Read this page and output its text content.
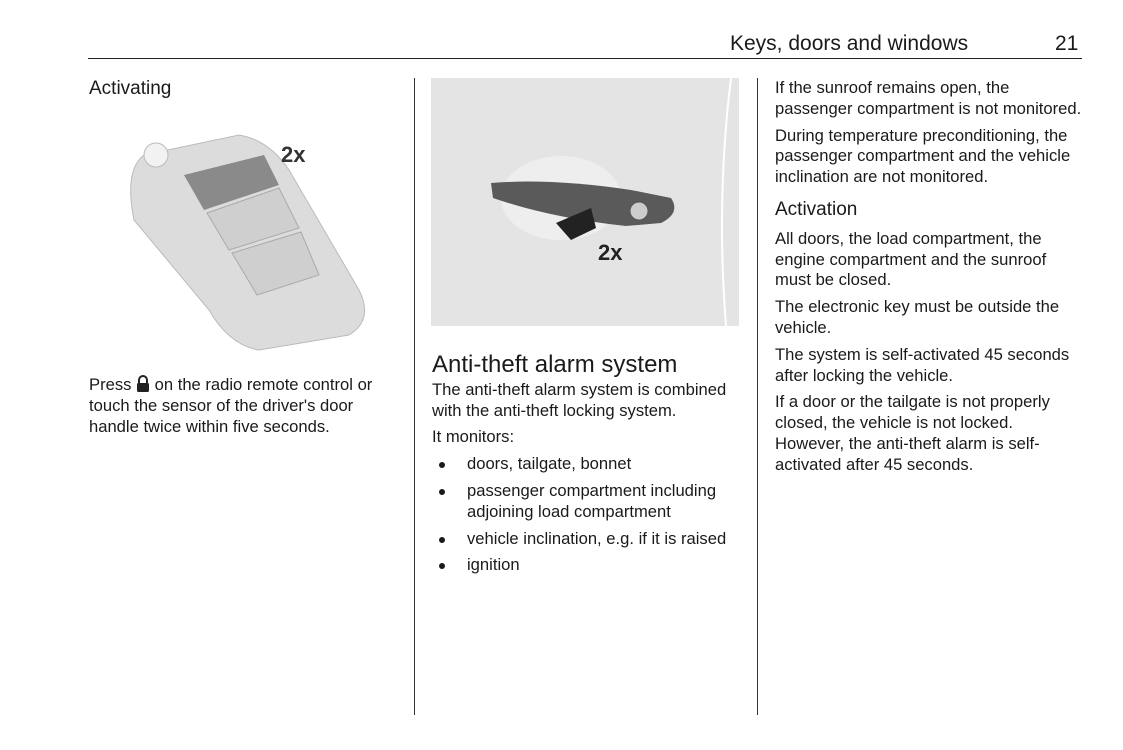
Keys, doors and windows	21
Activating
2x

Press  on the radio remote control or touch the sensor of the driver's door handle twice within five seconds.

2x
Anti-theft alarm system

The anti-theft alarm system is combined with the anti-theft locking system.

It monitors:

doors, tailgate, bonnet
passenger compartment including adjoining load compartment
vehicle inclination, e.g. if it is raised
ignition

If the sunroof remains open, the passenger compartment is not monitored.

During temperature preconditioning, the passenger compartment and the vehicle inclination are not monitored.

Activation

All doors, the load compartment, the engine compartment and the sunroof must be closed.

The electronic key must be outside the vehicle.

The system is self-activated 45 seconds after locking the vehicle.

If a door or the tailgate is not properly closed, the vehicle is not locked. However, the anti-theft alarm is self-activated after 45 seconds.
